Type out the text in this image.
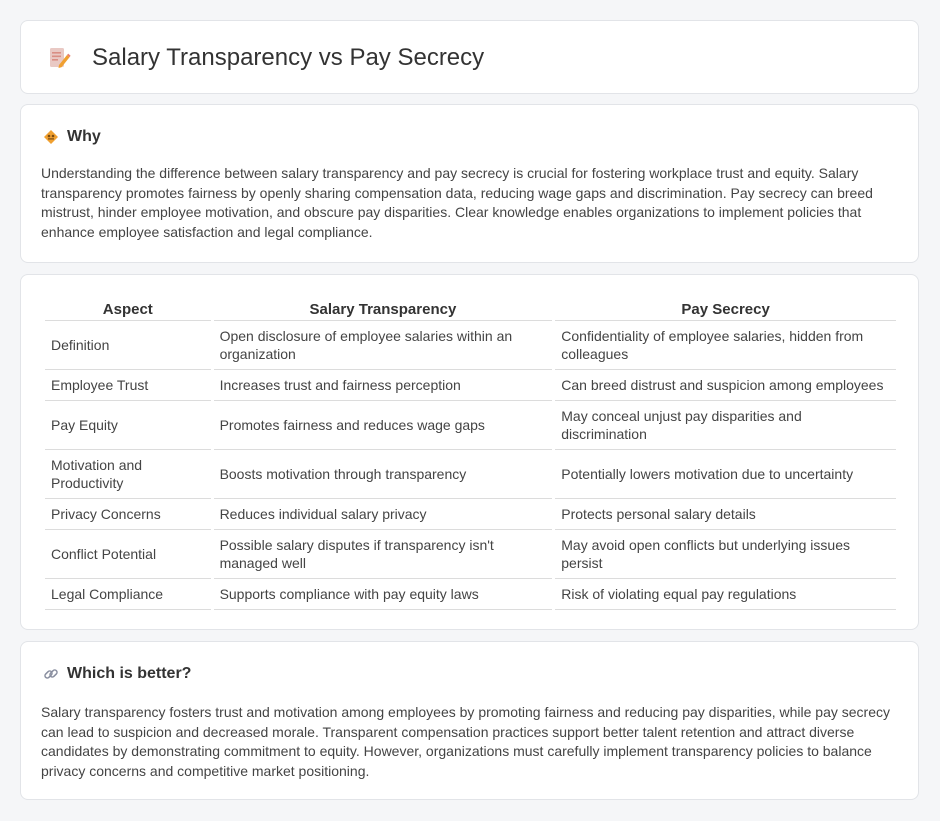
Salary Transparency vs Pay Secrecy
Why

Understanding the difference between salary transparency and pay secrecy is crucial for fostering workplace trust and equity. Salary transparency promotes fairness by openly sharing compensation data, reducing wage gaps and discrimination. Pay secrecy can breed mistrust, hinder employee motivation, and obscure pay disparities. Clear knowledge enables organizations to implement policies that enhance employee satisfaction and legal compliance.

Aspect	Salary Transparency	Pay Secrecy
Definition	Open disclosure of employee salaries within an organization	Confidentiality of employee salaries, hidden from colleagues
Employee Trust	Increases trust and fairness perception	Can breed distrust and suspicion among employees
Pay Equity	Promotes fairness and reduces wage gaps	May conceal unjust pay disparities and discrimination
Motivation and Productivity	Boosts motivation through transparency	Potentially lowers motivation due to uncertainty
Privacy Concerns	Reduces individual salary privacy	Protects personal salary details
Conflict Potential	Possible salary disputes if transparency isn't managed well	May avoid open conflicts but underlying issues persist
Legal Compliance	Supports compliance with pay equity laws	Risk of violating equal pay regulations
Which is better?

Salary transparency fosters trust and motivation among employees by promoting fairness and reducing pay disparities, while pay secrecy can lead to suspicion and decreased morale. Transparent compensation practices support better talent retention and attract diverse candidates by demonstrating commitment to equity. However, organizations must carefully implement transparency policies to balance privacy concerns and competitive market positioning.
